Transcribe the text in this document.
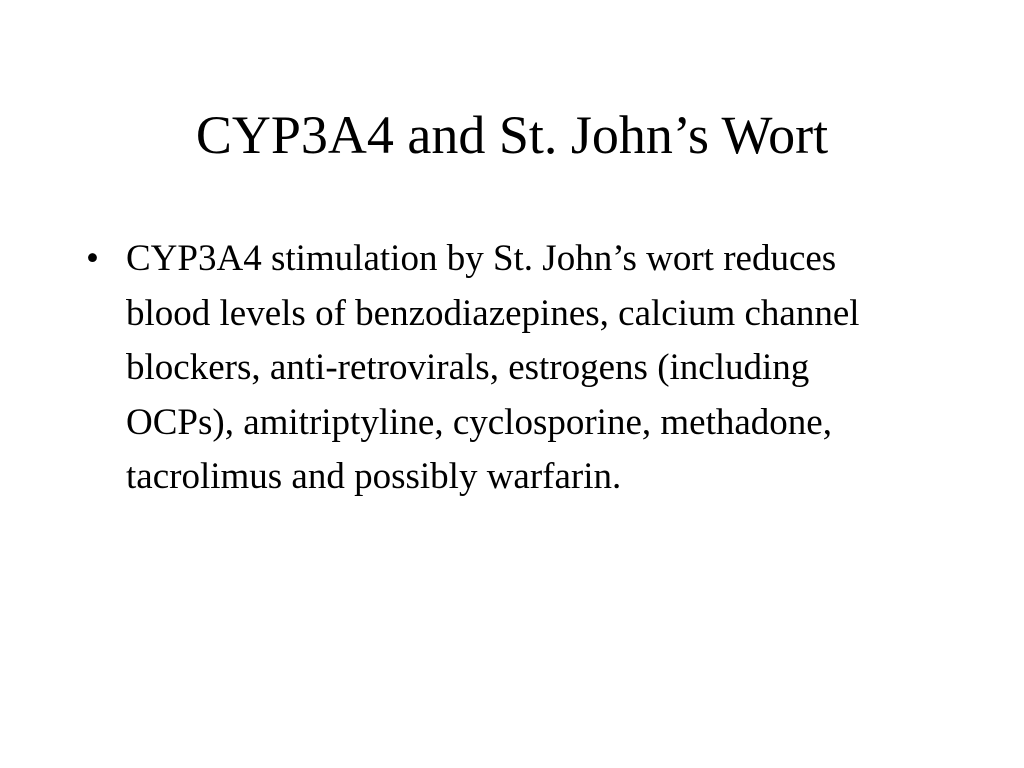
CYP3A4 and St. John’s Wort
• CYP3A4 stimulation by St. John’s wort reduces blood levels of benzodiazepines, calcium channel blockers, anti-retrovirals, estrogens (including OCPs), amitriptyline, cyclosporine, methadone, tacrolimus and possibly warfarin.
